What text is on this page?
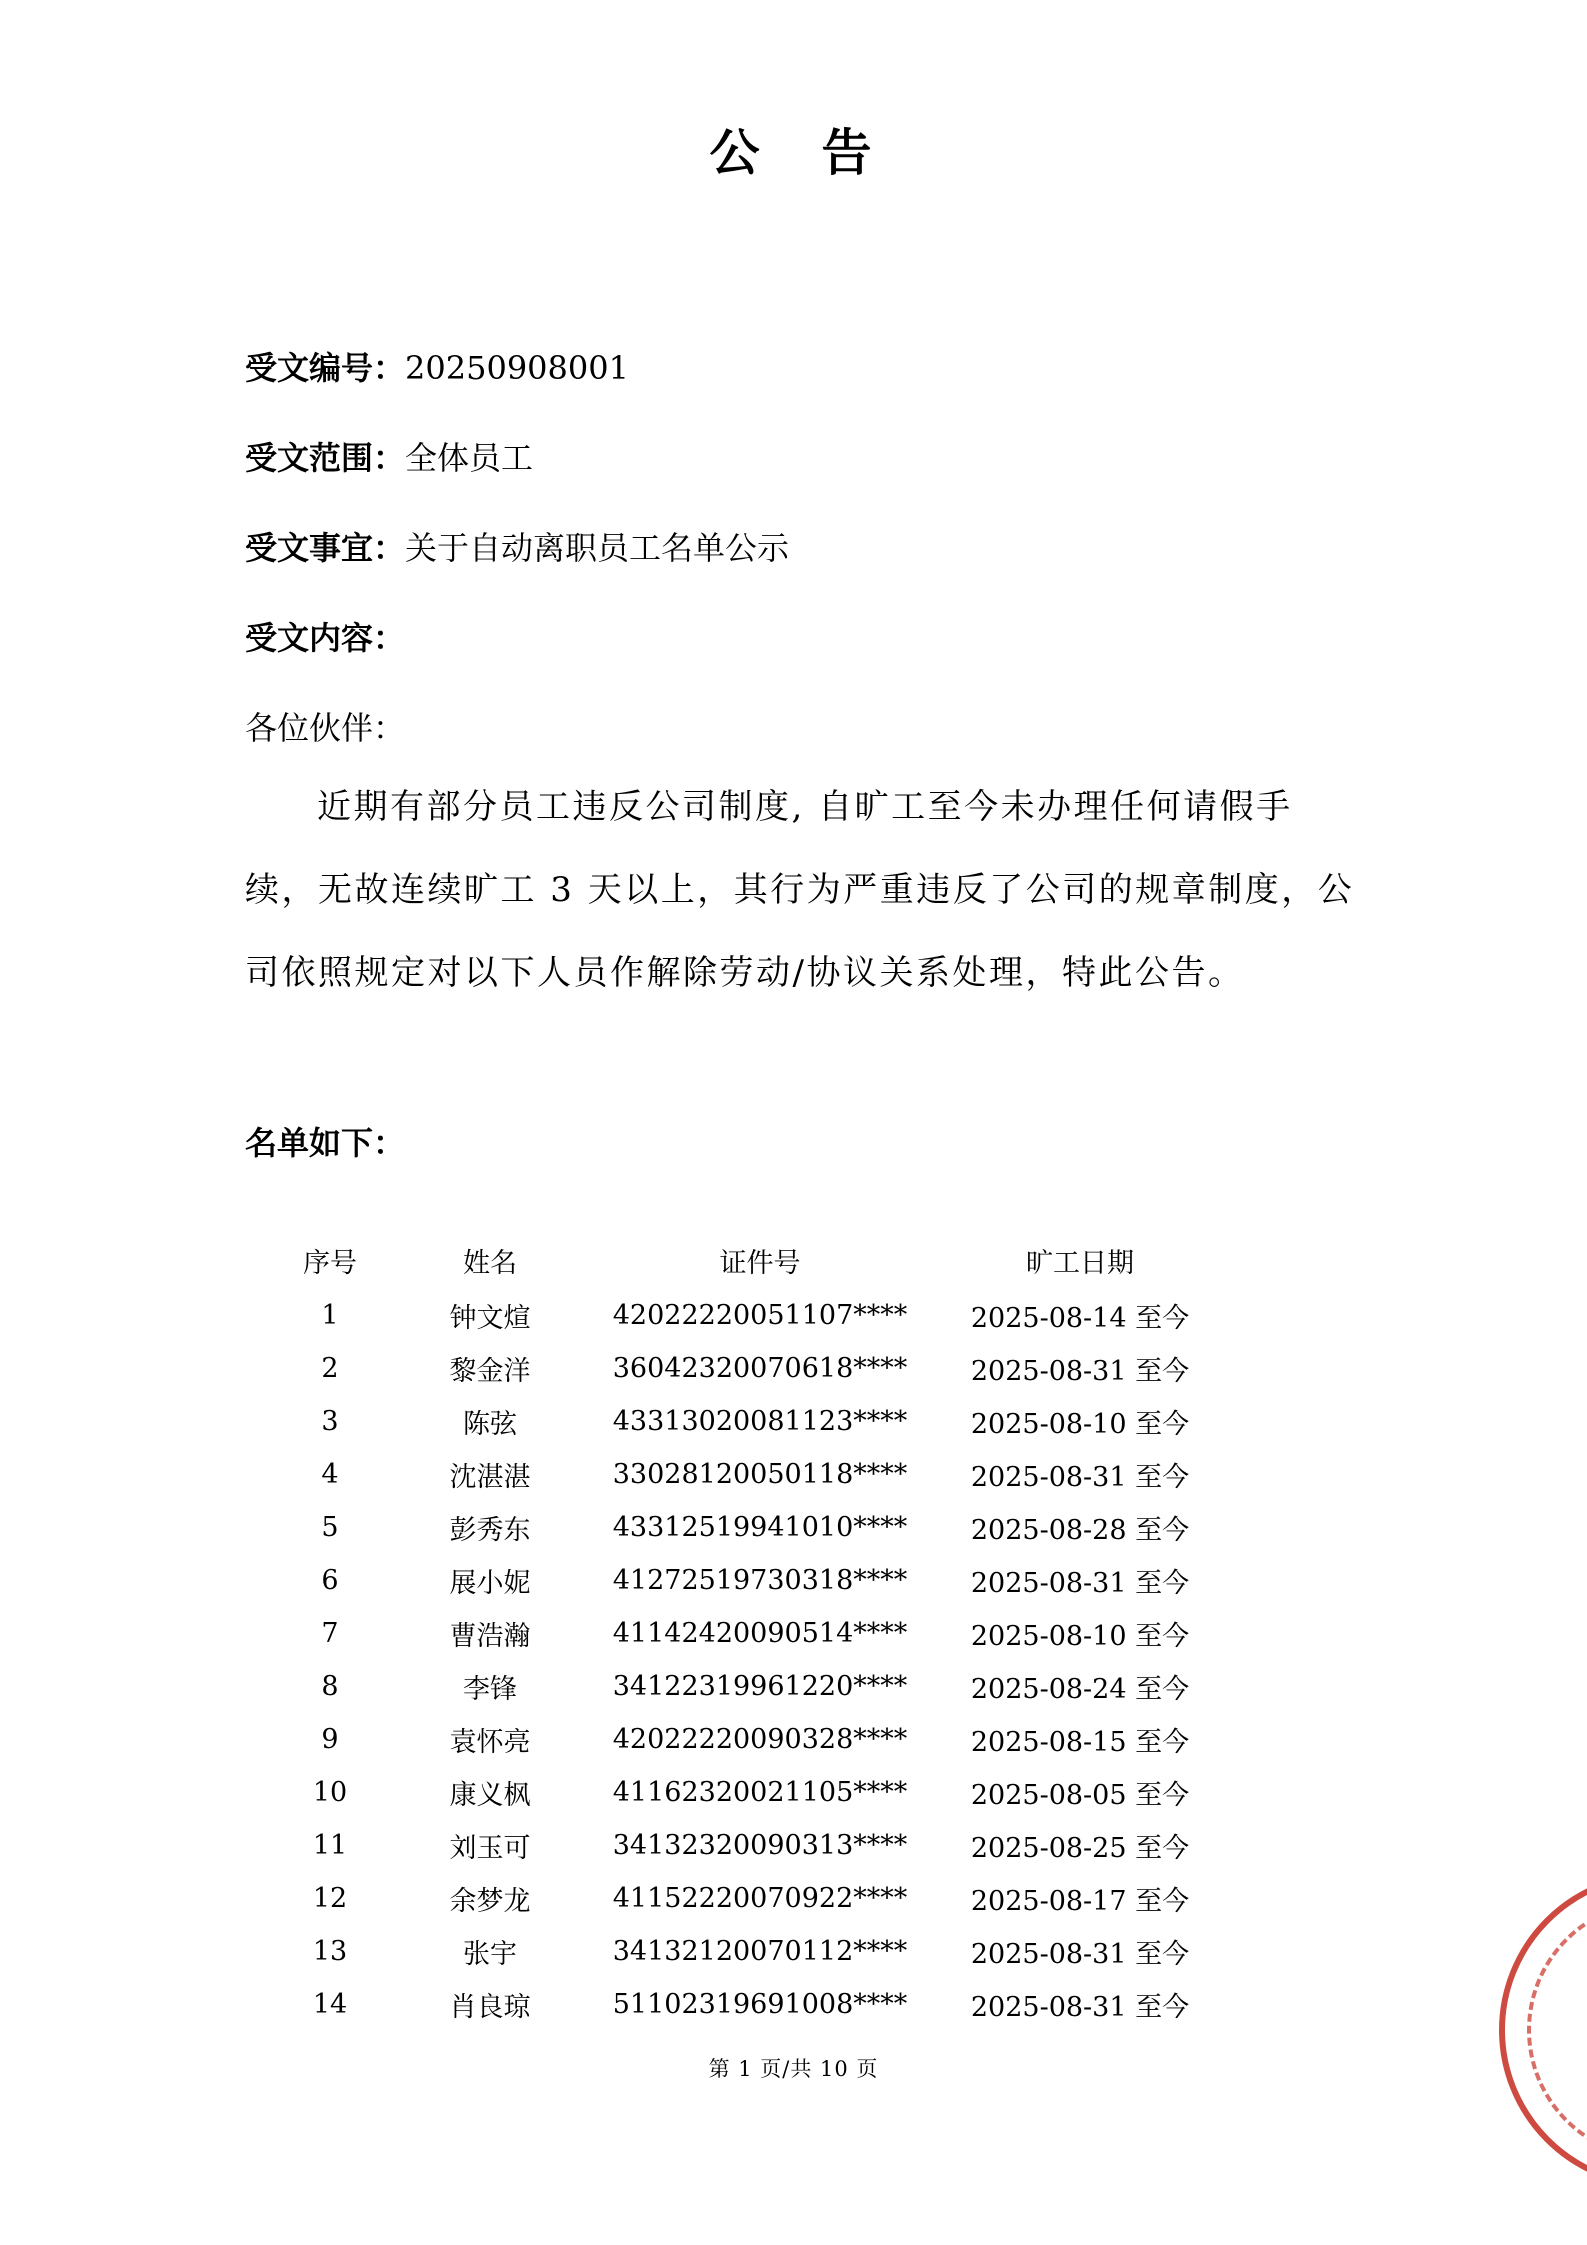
公　告
受文编号：20250908001
受文范围：全体员工
受文事宜：关于自动离职员工名单公示
受文内容：
各位伙伴：
近期有部分员工违反公司制度, 自旷工至今未办理任何请假手
续，无故连续旷工 3 天以上，其行为严重违反了公司的规章制度，公
司依照规定对以下人员作解除劳动/协议关系处理，特此公告。
名单如下：
序号	姓名	证件号	旷工日期
1	钟文煊	42022220051107****	2025-08-14 至今
2	黎金洋	36042320070618****	2025-08-31 至今
3	陈弦	43313020081123****	2025-08-10 至今
4	沈湛湛	33028120050118****	2025-08-31 至今
5	彭秀东	43312519941010****	2025-08-28 至今
6	展小妮	41272519730318****	2025-08-31 至今
7	曹浩瀚	41142420090514****	2025-08-10 至今
8	李锋	34122319961220****	2025-08-24 至今
9	袁怀亮	42022220090328****	2025-08-15 至今
10	康义枫	41162320021105****	2025-08-05 至今
11	刘玉可	34132320090313****	2025-08-25 至今
12	余梦龙	41152220070922****	2025-08-17 至今
13	张宇	34132120070112****	2025-08-31 至今
14	肖良琼	51102319691008****	2025-08-31 至今
第 1 页/共 10 页
